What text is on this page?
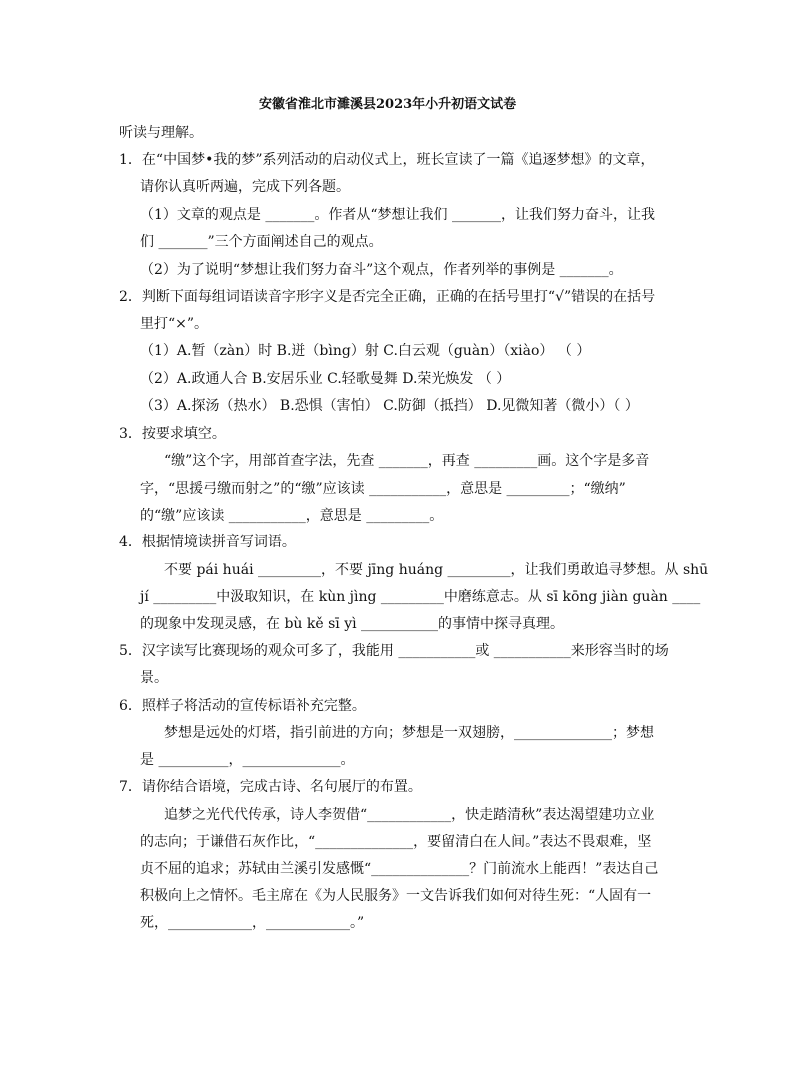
安徽省淮北市濉溪县2023年小升初语文试卷
听读与理解。
1．在“中国梦•我的梦”系列活动的启动仪式上，班长宣读了一篇《追逐梦想》的文章，
请你认真听两遍，完成下列各题。
（1）文章的观点是 _______。作者从“梦想让我们 _______，让我们努力奋斗，让我
们 _______”三个方面阐述自己的观点。
（2）为了说明“梦想让我们努力奋斗”这个观点，作者列举的事例是 _______。
2．判断下面每组词语读音字形字义是否完全正确，正确的在括号里打“√”错误的在括号
里打“×”。
（1）A.暂（zàn）时 B.迸（bìng）射 C.白云观（guàn）（xiào） （ ）
（2）A.政通人合 B.安居乐业 C.轻歌曼舞 D.荣光焕发 （ ）
（3）A.探汤（热水） B.恐惧（害怕） C.防御（抵挡） D.见微知著（微小）（ ）
3．按要求填空。
“缴”这个字，用部首查字法，先查 _______，再查 _________画。这个字是多音
字，“思援弓缴而射之”的“缴”应该读 ___________，意思是 _________；“缴纳”
的“缴”应该读 ___________，意思是 _________。
4．根据情境读拼音写词语。
不要 pái huái _________，不要 jīng huáng _________，让我们勇敢追寻梦想。从 shū
jí _________中汲取知识，在 kùn jìng _________中磨练意志。从 sī kōng jiàn guàn ____
的现象中发现灵感，在 bù kě sī yì ___________的事情中探寻真理。
5．汉字读写比赛现场的观众可多了，我能用 ___________或 ___________来形容当时的场
景。
6．照样子将活动的宣传标语补充完整。
梦想是远处的灯塔，指引前进的方向；梦想是一双翅膀，______________；梦想
是 __________，______________。
7．请你结合语境，完成古诗、名句展厅的布置。
追梦之光代代传承，诗人李贺借“____________，快走踏清秋”表达渴望建功立业
的志向；于谦借石灰作比，“______________，要留清白在人间。”表达不畏艰难，坚
贞不屈的追求；苏轼由兰溪引发感慨“______________？门前流水上能西！”表达自己
积极向上之情怀。毛主席在《为人民服务》一文告诉我们如何对待生死：“人固有一
死，____________，____________。”
